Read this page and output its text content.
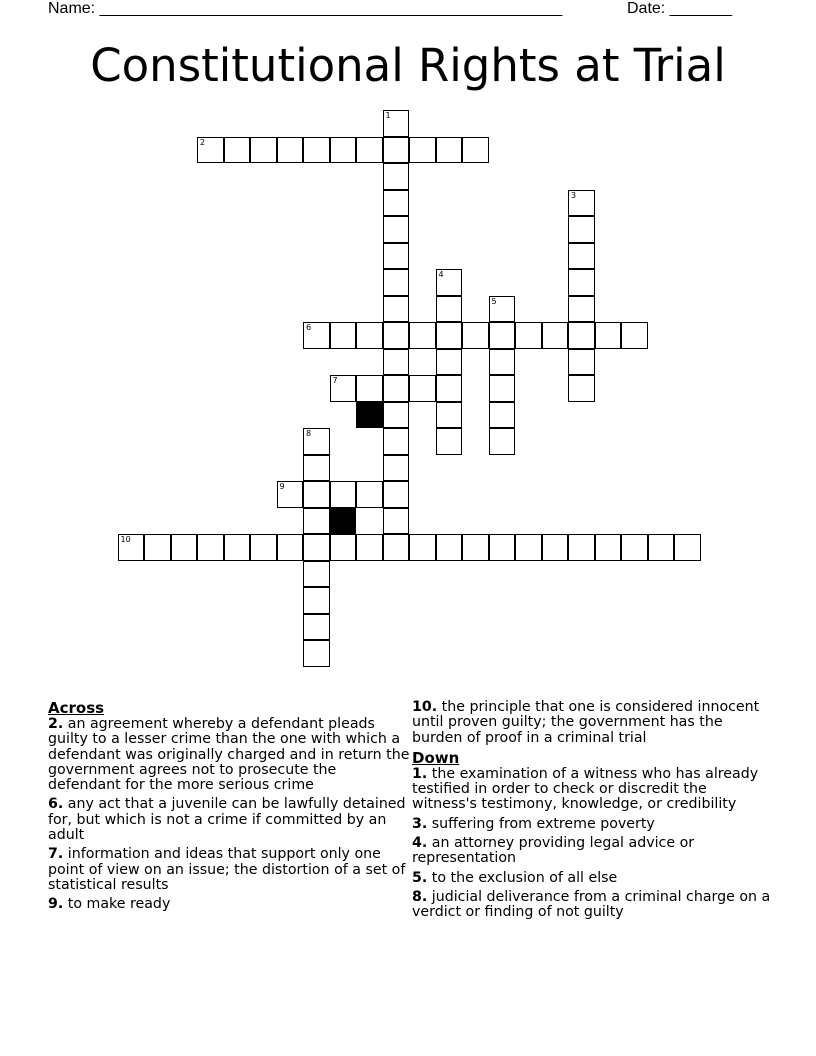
Name: ____________________________________________________	Date: _______
Constitutional Rights at Trial
1
2
3
4
5
6
7
8
9
10
Across
2. an agreement whereby a defendant pleads guilty to a lesser crime than the one with which a defendant was originally charged and in return the government agrees not to prosecute the defendant for the more serious crime
6. any act that a juvenile can be lawfully detained for, but which is not a crime if committed by an adult
7. information and ideas that support only one point of view on an issue; the distortion of a set of statistical results
9. to make ready
10. the principle that one is considered innocent until proven guilty; the government has the burden of proof in a criminal trial
Down
1. the examination of a witness who has already testified in order to check or discredit the witness's testimony, knowledge, or credibility
3. suffering from extreme poverty
4. an attorney providing legal advice or representation
5. to the exclusion of all else
8. judicial deliverance from a criminal charge on a verdict or finding of not guilty
